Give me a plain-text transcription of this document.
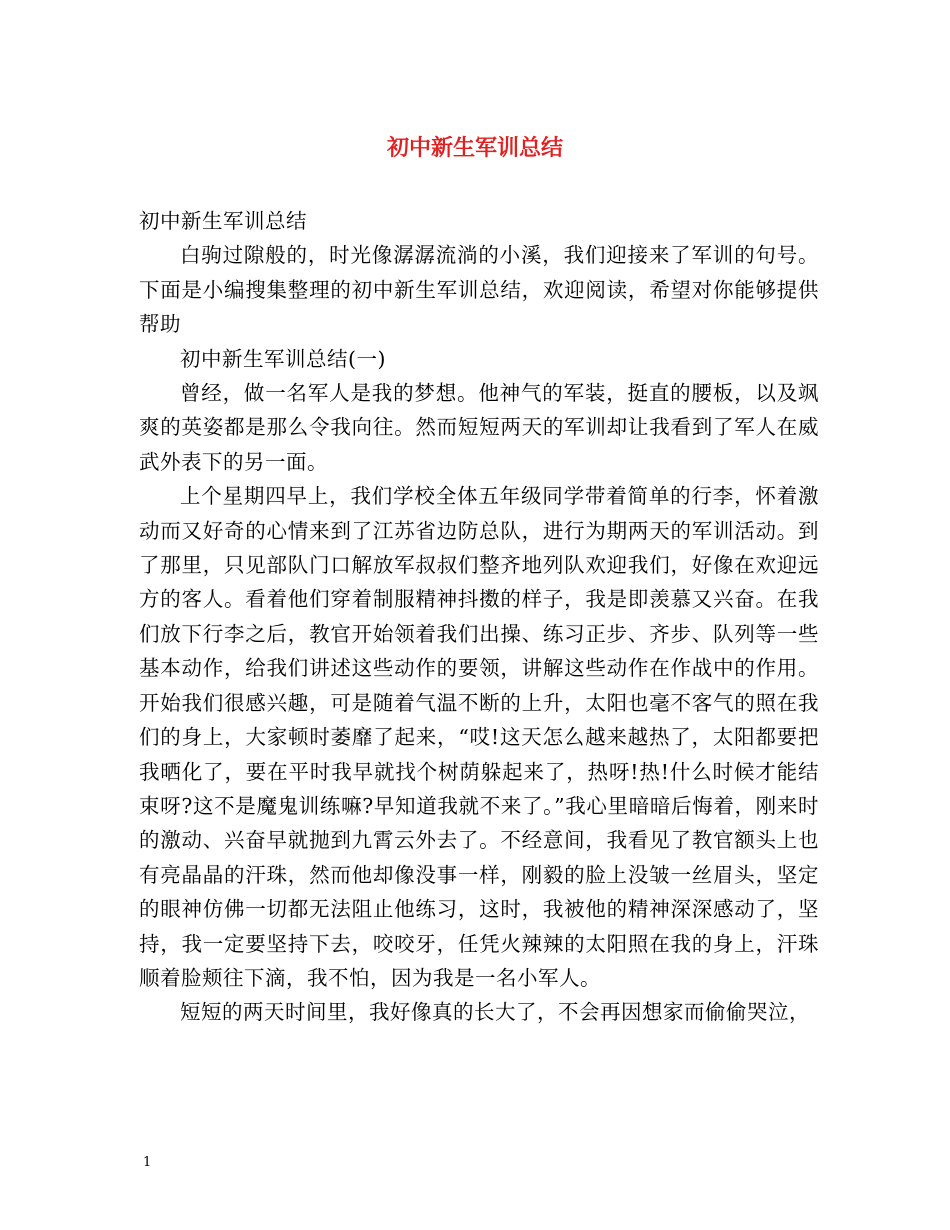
初中新生军训总结

初中新生军训总结

白驹过隙般的，时光像潺潺流淌的小溪，我们迎接来了军训的句号。下面是小编搜集整理的初中新生军训总结，欢迎阅读，希望对你能够提供帮助

初中新生军训总结(一)

曾经，做一名军人是我的梦想。他神气的军装，挺直的腰板，以及飒爽的英姿都是那么令我向往。然而短短两天的军训却让我看到了军人在威武外表下的另一面。

上个星期四早上，我们学校全体五年级同学带着简单的行李，怀着激动而又好奇的心情来到了江苏省边防总队，进行为期两天的军训活动。到了那里，只见部队门口解放军叔叔们整齐地列队欢迎我们，好像在欢迎远方的客人。看着他们穿着制服精神抖擞的样子，我是即羡慕又兴奋。在我们放下行李之后，教官开始领着我们出操、练习正步、齐步、队列等一些基本动作，给我们讲述这些动作的要领，讲解这些动作在作战中的作用。开始我们很感兴趣，可是随着气温不断的上升，太阳也毫不客气的照在我们的身上，大家顿时萎靡了起来，“哎!这天怎么越来越热了，太阳都要把我晒化了，要在平时我早就找个树荫躲起来了，热呀!热!什么时候才能结束呀?这不是魔鬼训练嘛?早知道我就不来了。”我心里暗暗后悔着，刚来时的激动、兴奋早就抛到九霄云外去了。不经意间，我看见了教官额头上也有亮晶晶的汗珠，然而他却像没事一样，刚毅的脸上没皱一丝眉头，坚定的眼神仿佛一切都无法阻止他练习，这时，我被他的精神深深感动了，坚持，我一定要坚持下去，咬咬牙，任凭火辣辣的太阳照在我的身上，汗珠顺着脸颊往下滴，我不怕，因为我是一名小军人。

短短的两天时间里，我好像真的长大了，不会再因想家而偷偷哭泣，

1
